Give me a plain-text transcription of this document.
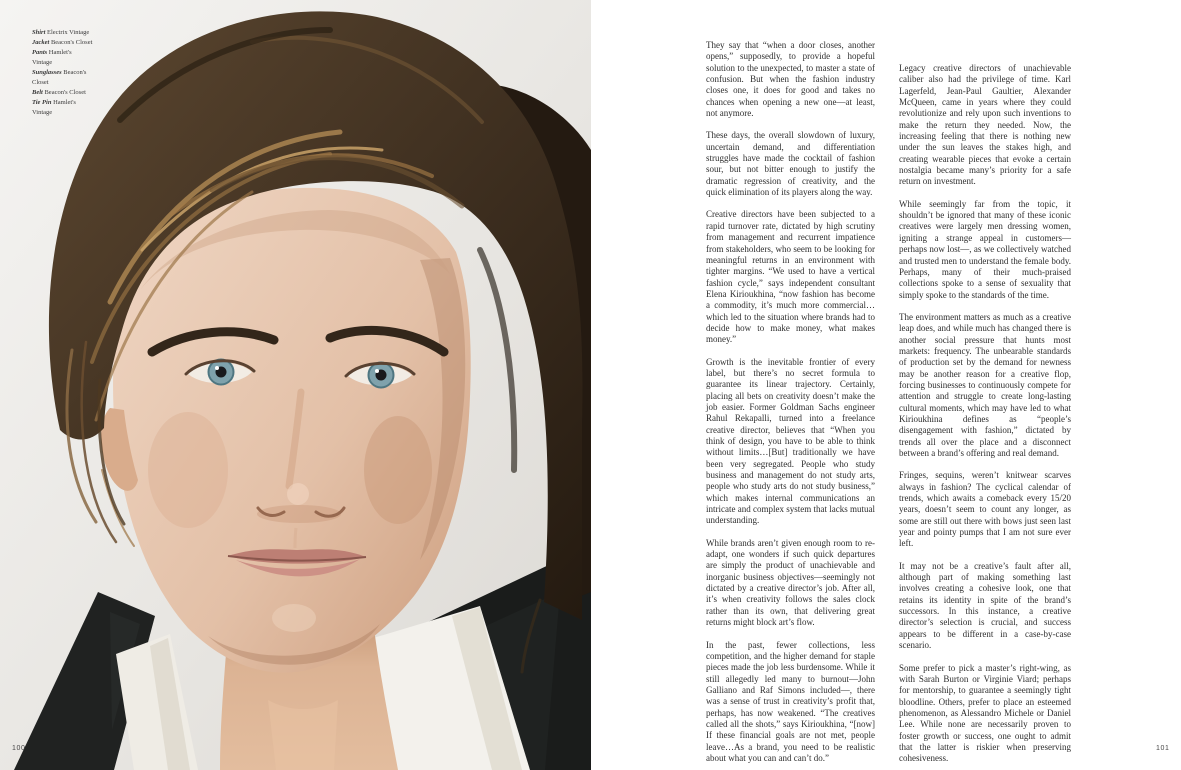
Shirt Electrix Vintage
Jacket Beacon's Closet
Pants Hamlet's
Vintage
Sunglasses Beacon's
Closet
Belt Beacon's Closet
Tie Pin Hamlet's
Vintage
100

They say that “when a door closes, another opens,” supposedly, to provide a hopeful solution to the unexpected, to master a state of confusion. But when the fashion industry closes one, it does for good and takes no chances when opening a new one—at least, not anymore.

These days, the overall slowdown of luxury, uncertain demand, and differentiation struggles have made the cocktail of fashion sour, but not bitter enough to justify the dramatic regression of creativity, and the quick elimination of its players along the way.

Creative directors have been subjected to a rapid turnover rate, dictated by high scrutiny from management and recurrent impatience from stakeholders, who seem to be looking for meaningful returns in an environment with tighter margins. “We used to have a vertical fashion cycle,” says independent consultant Elena Kirioukhina, “now fashion has become a commodity, it’s much more commercial… which led to the situation where brands had to decide how to make money, what makes money.”

Growth is the inevitable frontier of every label, but there’s no secret formula to guarantee its linear trajectory. Certainly, placing all bets on creativity doesn’t make the job easier. Former Goldman Sachs engineer Rahul Rekapalli, turned into a freelance creative director, believes that “When you think of design, you have to be able to think without limits…[But] traditionally we have been very segregated. People who study business and management do not study arts, people who study arts do not study business,” which makes internal communications an intricate and complex system that lacks mutual understanding.

While brands aren’t given enough room to re-adapt, one wonders if such quick departures are simply the product of unachievable and inorganic business objectives—seemingly not dictated by a creative director’s job. After all, it’s when creativity follows the sales clock rather than its own, that delivering great returns might block art’s flow.

In the past, fewer collections, less competition, and the higher demand for staple pieces made the job less burdensome. While it still allegedly led many to burnout—John Galliano and Raf Simons included—, there was a sense of trust in creativity’s profit that, perhaps, has now weakened. “The creatives called all the shots,” says Kirioukhina, “[now] If these financial goals are not met, people leave…As a brand, you need to be realistic about what you can and can’t do.”

Legacy creative directors of unachievable caliber also had the privilege of time. Karl Lagerfeld, Jean-Paul Gaultier, Alexander McQueen, came in years where they could revolutionize and rely upon such inventions to make the return they needed. Now, the increasing feeling that there is nothing new under the sun leaves the stakes high, and creating wearable pieces that evoke a certain nostalgia became many’s priority for a safe return on investment.

While seemingly far from the topic, it shouldn’t be ignored that many of these iconic creatives were largely men dressing women, igniting a strange appeal in customers—perhaps now lost—, as we collectively watched and trusted men to understand the female body. Perhaps, many of their much-praised collections spoke to a sense of sexuality that simply spoke to the standards of the time.

The environment matters as much as a creative leap does, and while much has changed there is another social pressure that hunts most markets: frequency. The unbearable standards of production set by the demand for newness may be another reason for a creative flop, forcing businesses to continuously compete for attention and struggle to create long-lasting cultural moments, which may have led to what Kirioukhina defines as “people’s disengagement with fashion,” dictated by trends all over the place and a disconnect between a brand’s offering and real demand.

Fringes, sequins, weren’t knitwear scarves always in fashion? The cyclical calendar of trends, which awaits a comeback every 15/20 years, doesn’t seem to count any longer, as some are still out there with bows just seen last year and pointy pumps that I am not sure ever left.

It may not be a creative’s fault after all, although part of making something last involves creating a cohesive look, one that retains its identity in spite of the brand’s successors. In this instance, a creative director’s selection is crucial, and success appears to be different in a case-by-case scenario.

Some prefer to pick a master’s right-wing, as with Sarah Burton or Virginie Viard; perhaps for mentorship, to guarantee a seemingly tight bloodline. Others, prefer to place an esteemed phenomenon, as Alessandro Michele or Daniel Lee. While none are necessarily proven to foster growth or success, one ought to admit that the latter is riskier when preserving cohesiveness.

101
